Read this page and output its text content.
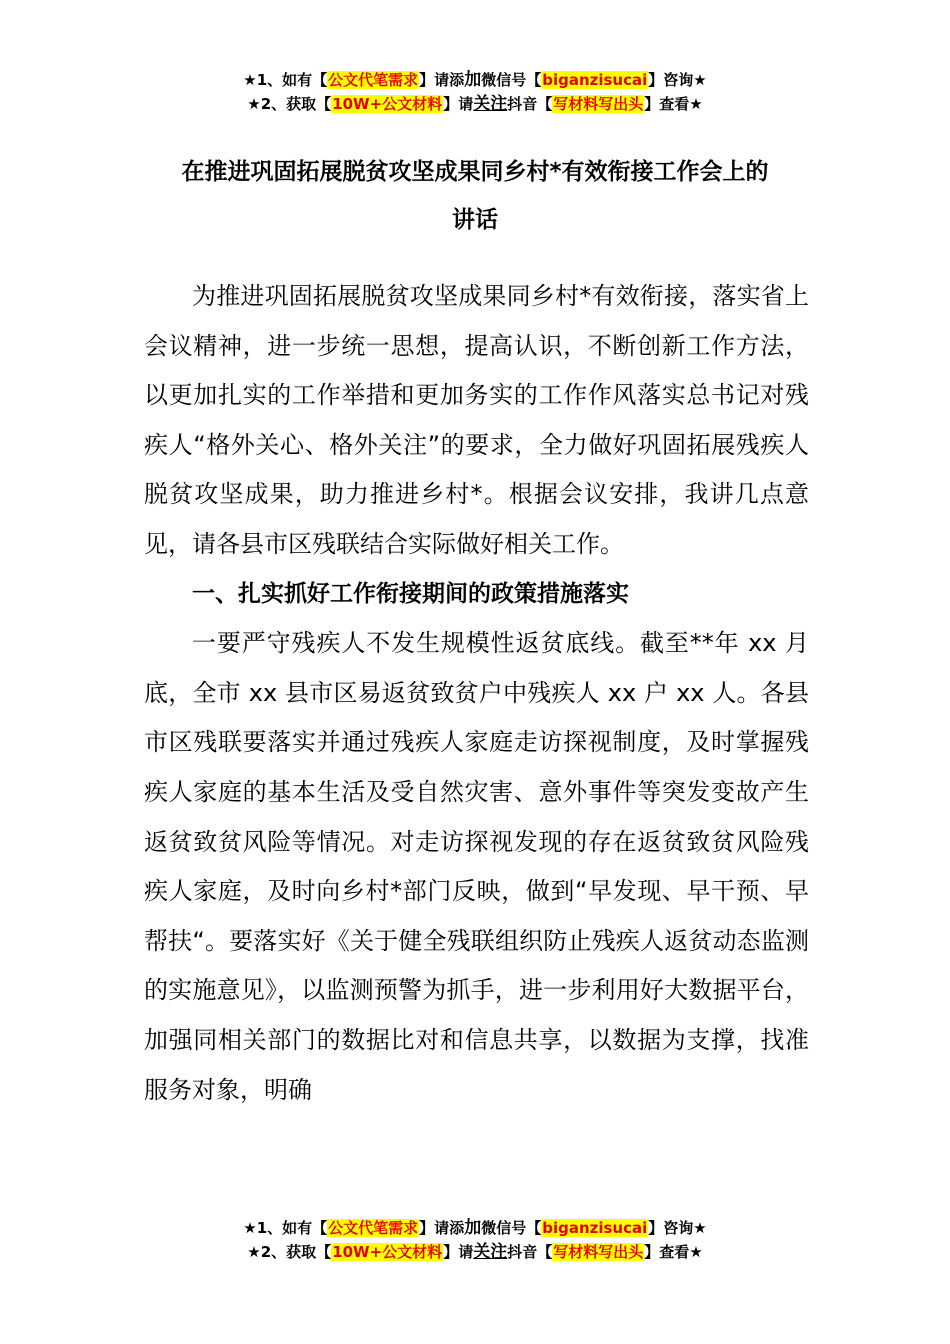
★1、如有【公文代笔需求】请添加微信号【biganzisucai】咨询★
★2、获取【10W+公文材料】请关注抖音【写材料写出头】查看★
在推进巩固拓展脱贫攻坚成果同乡村*有效衔接工作会上的
讲话

为推进巩固拓展脱贫攻坚成果同乡村*有效衔接，落实省上会议精神，进一步统一思想，提高认识，不断创新工作方法，以更加扎实的工作举措和更加务实的工作作风落实总书记对残疾人“格外关心、格外关注”的要求，全力做好巩固拓展残疾人脱贫攻坚成果，助力推进乡村*。根据会议安排，我讲几点意见，请各县市区残联结合实际做好相关工作。

一、扎实抓好工作衔接期间的政策措施落实

一要严守残疾人不发生规模性返贫底线。截至**年 xx 月底，全市 xx 县市区易返贫致贫户中残疾人 xx 户 xx 人。各县市区残联要落实并通过残疾人家庭走访探视制度，及时掌握残疾人家庭的基本生活及受自然灾害、意外事件等突发变故产生返贫致贫风险等情况。对走访探视发现的存在返贫致贫风险残疾人家庭，及时向乡村*部门反映，做到“早发现、早干预、早帮扶“。要落实好《关于健全残联组织防止残疾人返贫动态监测的实施意见》，以监测预警为抓手，进一步利用好大数据平台，加强同相关部门的数据比对和信息共享，以数据为支撑，找准服务对象，明确

★1、如有【公文代笔需求】请添加微信号【biganzisucai】咨询★
★2、获取【10W+公文材料】请关注抖音【写材料写出头】查看★
